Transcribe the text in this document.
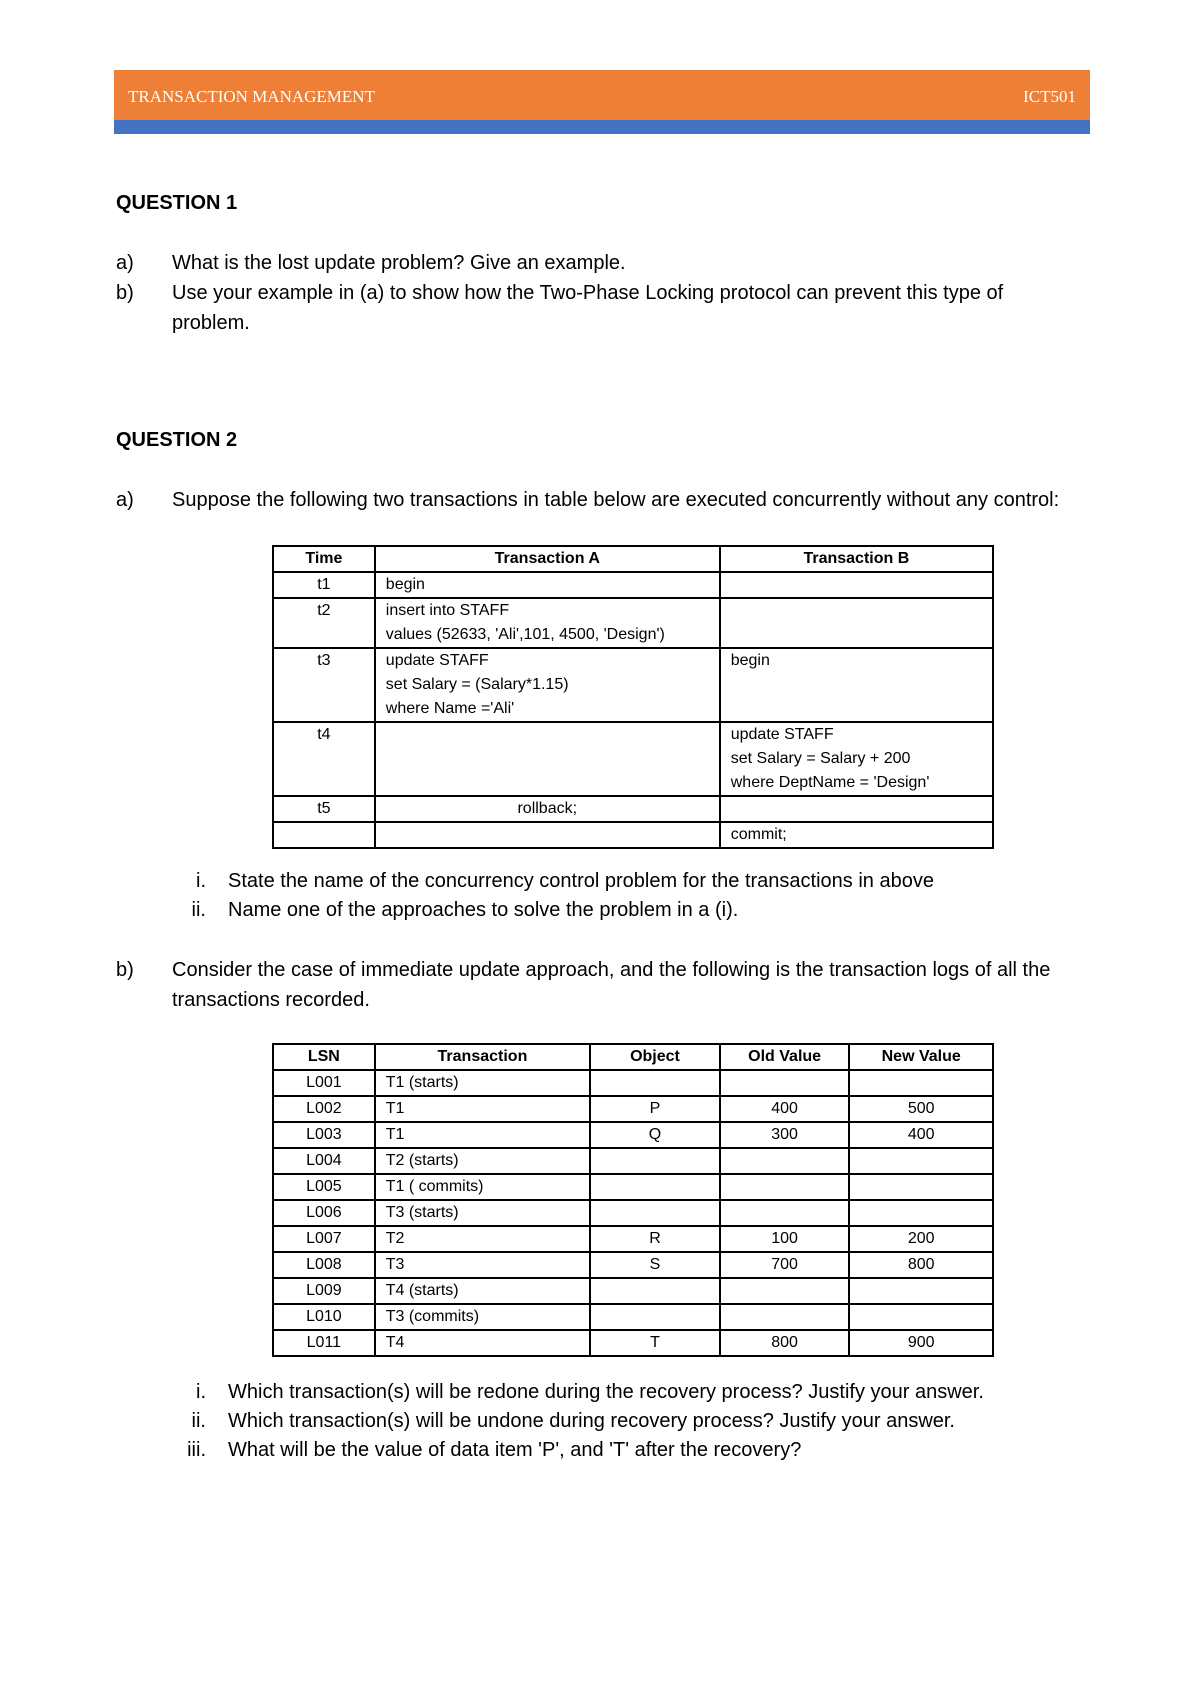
TRANSACTION MANAGEMENT	ICT501
QUESTION 1
a) What is the lost update problem? Give an example.
b) Use your example in (a) to show how the Two-Phase Locking protocol can prevent this type of problem.
QUESTION 2
a) Suppose the following two transactions in table below are executed concurrently without any control:
Time	Transaction A	Transaction B
t1	begin	

t2	insert into STAFF
values (52633, 'Ali',101, 4500, 'Design')	

t3	update STAFF
set Salary = (Salary*1.15)
where Name ='Ali'	begin

t4		update STAFF
set Salary = Salary + 200
where DeptName = 'Design'

t5	rollback;	

		commit;
i. State the name of the concurrency control problem for the transactions in above
ii. Name one of the approaches to solve the problem in a (i).
b) Consider the case of immediate update approach, and the following is the transaction logs of all the transactions recorded.
LSN	Transaction	Object	Old Value	New Value
L001	T1 (starts)			
L002	T1	P	400	500
L003	T1	Q	300	400
L004	T2 (starts)			
L005	T1 ( commits)			
L006	T3 (starts)			
L007	T2	R	100	200
L008	T3	S	700	800
L009	T4 (starts)			
L010	T3 (commits)			
L011	T4	T	800	900
i. Which transaction(s) will be redone during the recovery process? Justify your answer.
ii. Which transaction(s) will be undone during recovery process? Justify your answer.
iii. What will be the value of data item 'P', and 'T' after the recovery?
